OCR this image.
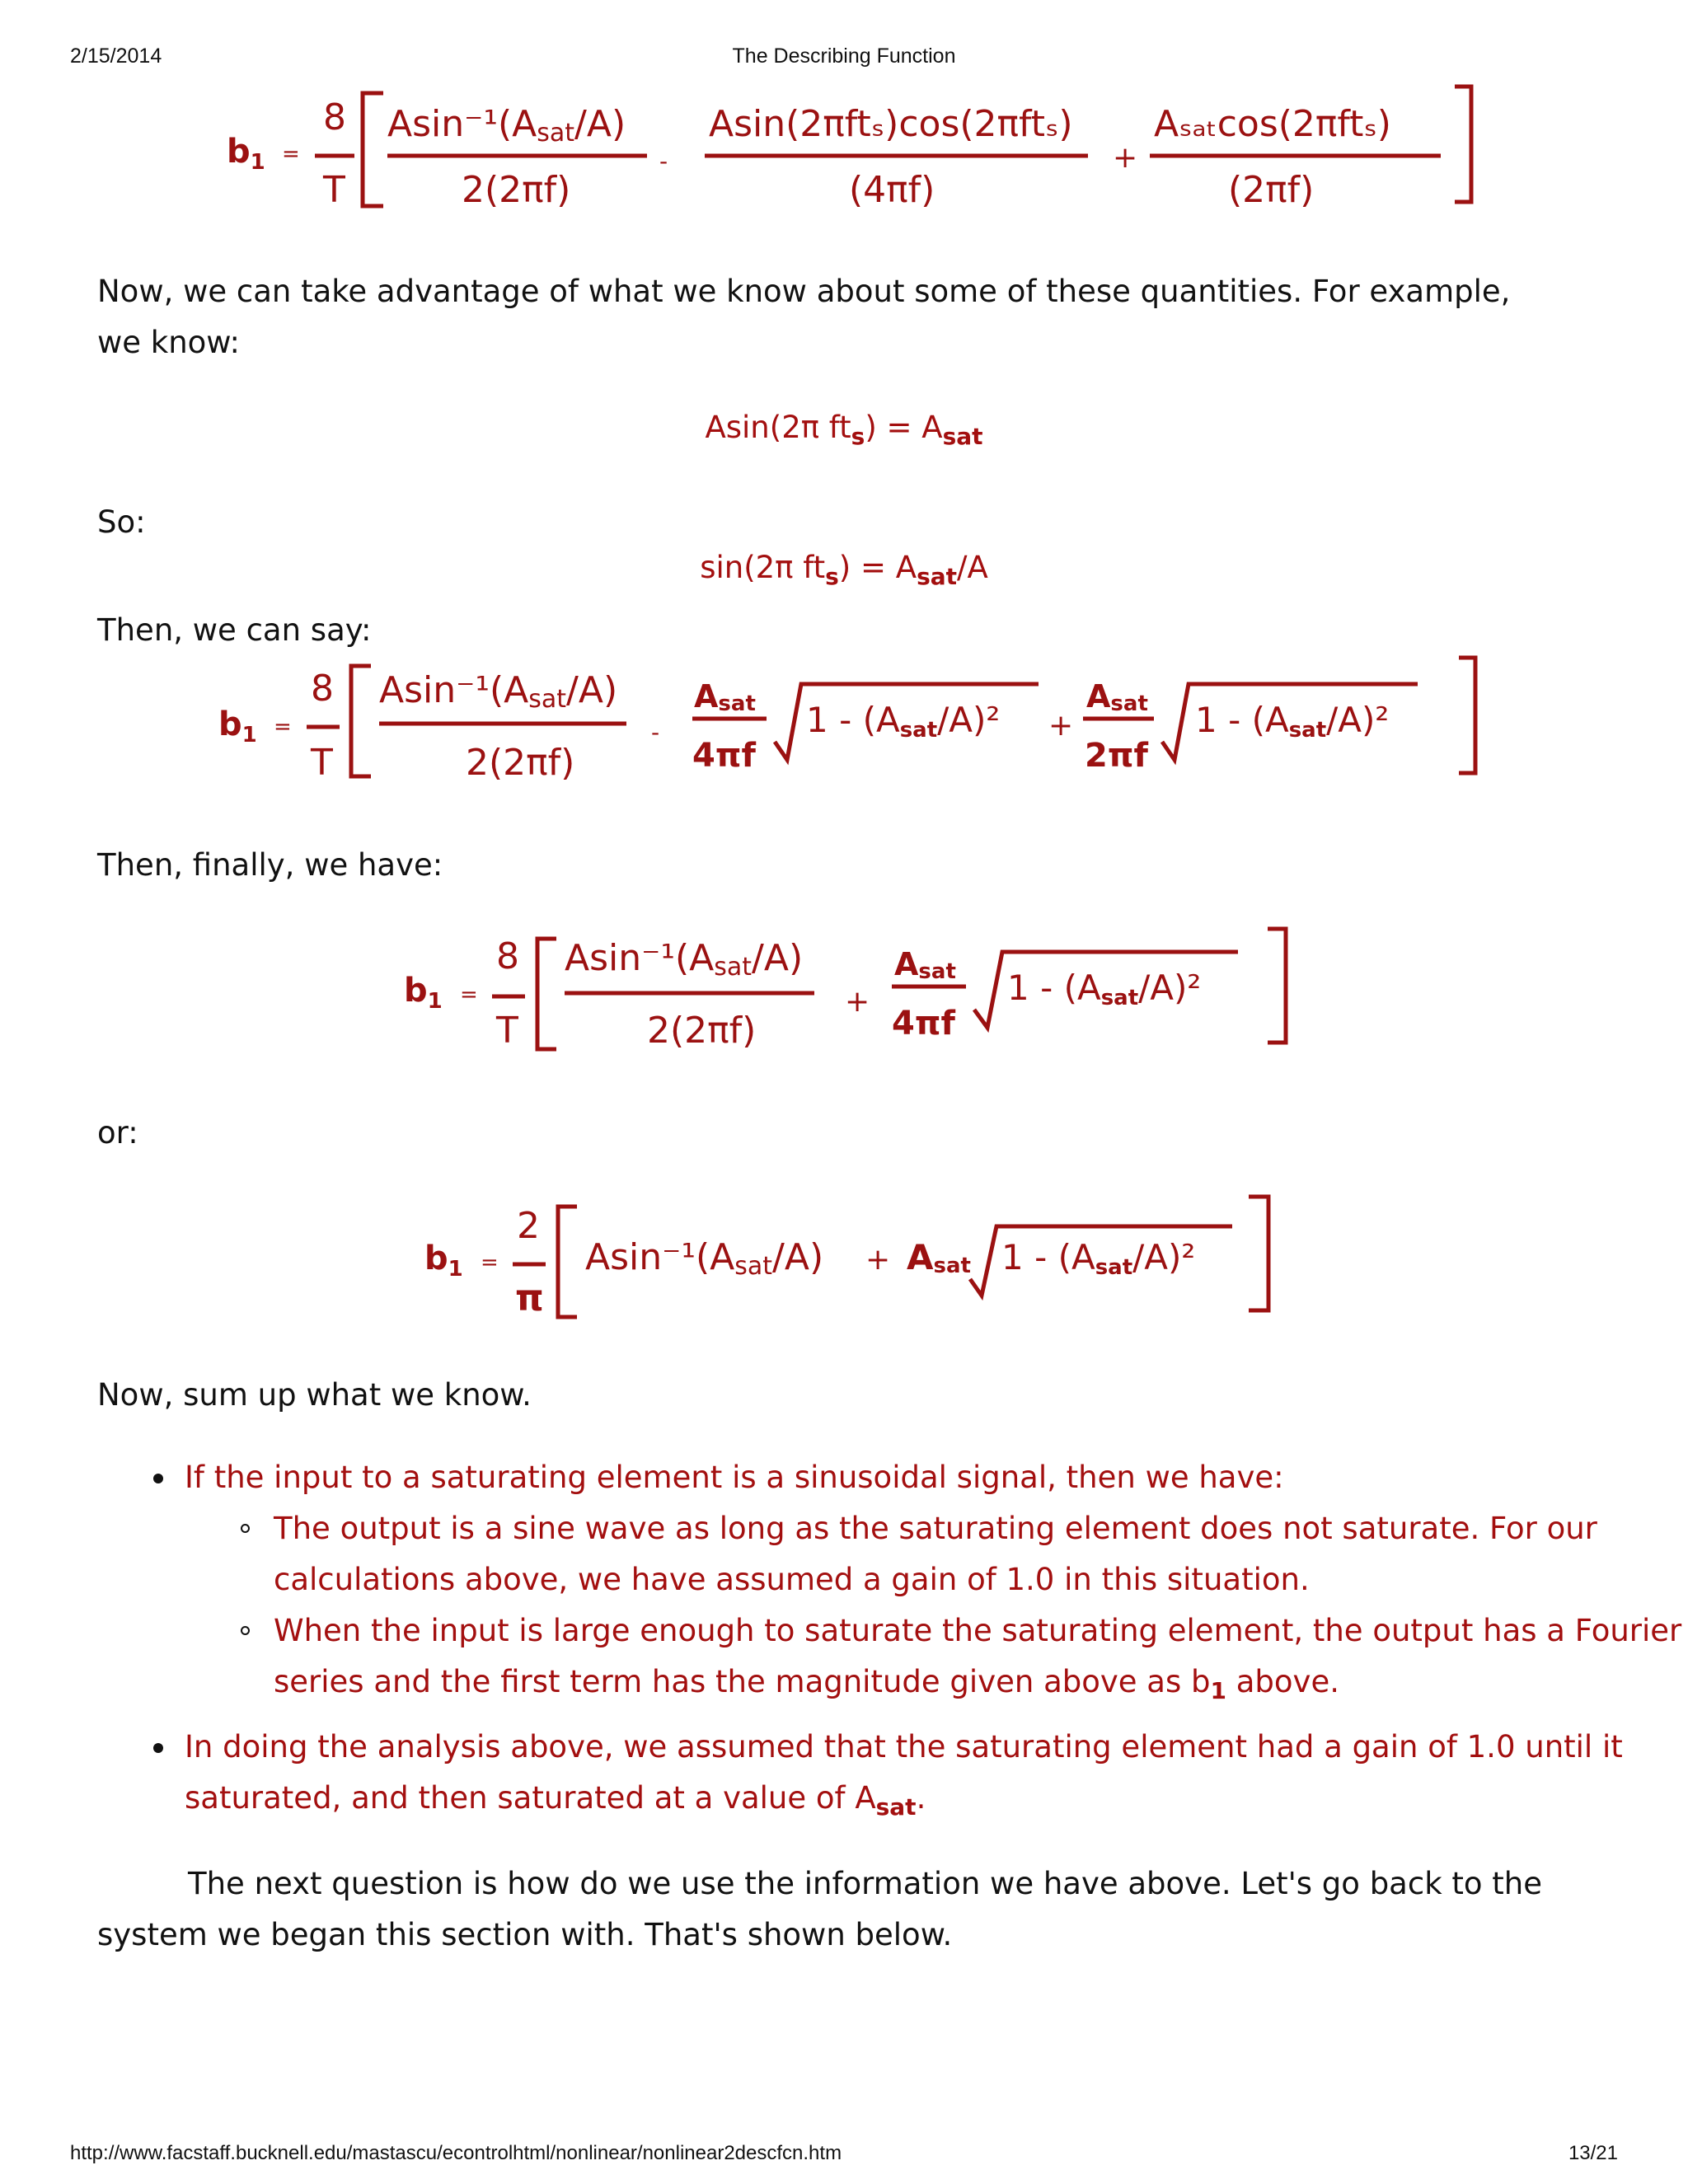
2/15/2014	The Describing Function
http://www.facstaff.bucknell.edu/mastascu/econtrolhtml/nonlinear/nonlinear2descfcn.htm	13/21
$b_1$ =
8
T
Asin⁻¹(Asat/A)
2(2πf)
-
Asin(2πftₛ)cos(2πftₛ)
(4πf)
+
Aₛₐₜcos(2πftₛ)
(2πf)
Now, we can take advantage of what we know about some of these quantities. For example,
we know:
Asin(2π $ft_s) = A_{sat}$
So:
sin(2π $ft_s) = A_{sat}/A$
Then, we can say:
$b_1$ =
8
T
Asin⁻¹(Asat/A)
2(2πf)
-
Asat
4πf
1 - (Asat/A)² +
Asat
2πf
1 - (Asat/A)²
Then, finally, we have:
$b_1$ =
8
T
Asin⁻¹(Asat/A)
2(2πf)
+
Asat
4πf
1 - (Asat/A)²
or:
$b_1$ =
2
π
Asin⁻¹(Asat/A) + Asat 1 - (Asat/A)²
Now, sum up what we know.
If the input to a saturating element is a sinusoidal signal, then we have:
The output is a sine wave as long as the saturating element does not saturate. For our calculations above, we have assumed a gain of 1.0 in this situation.
When the input is large enough to saturate the saturating element, the output has a Fourier series and the first term has the magnitude given above as $b_1$ above.
In doing the analysis above, we assumed that the saturating element had a gain of 1.0 until it saturated, and then saturated at a value of $A_{sat}$.
The next question is how do we use the information we have above. Let's go back to the
system we began this section with. That's shown below.
